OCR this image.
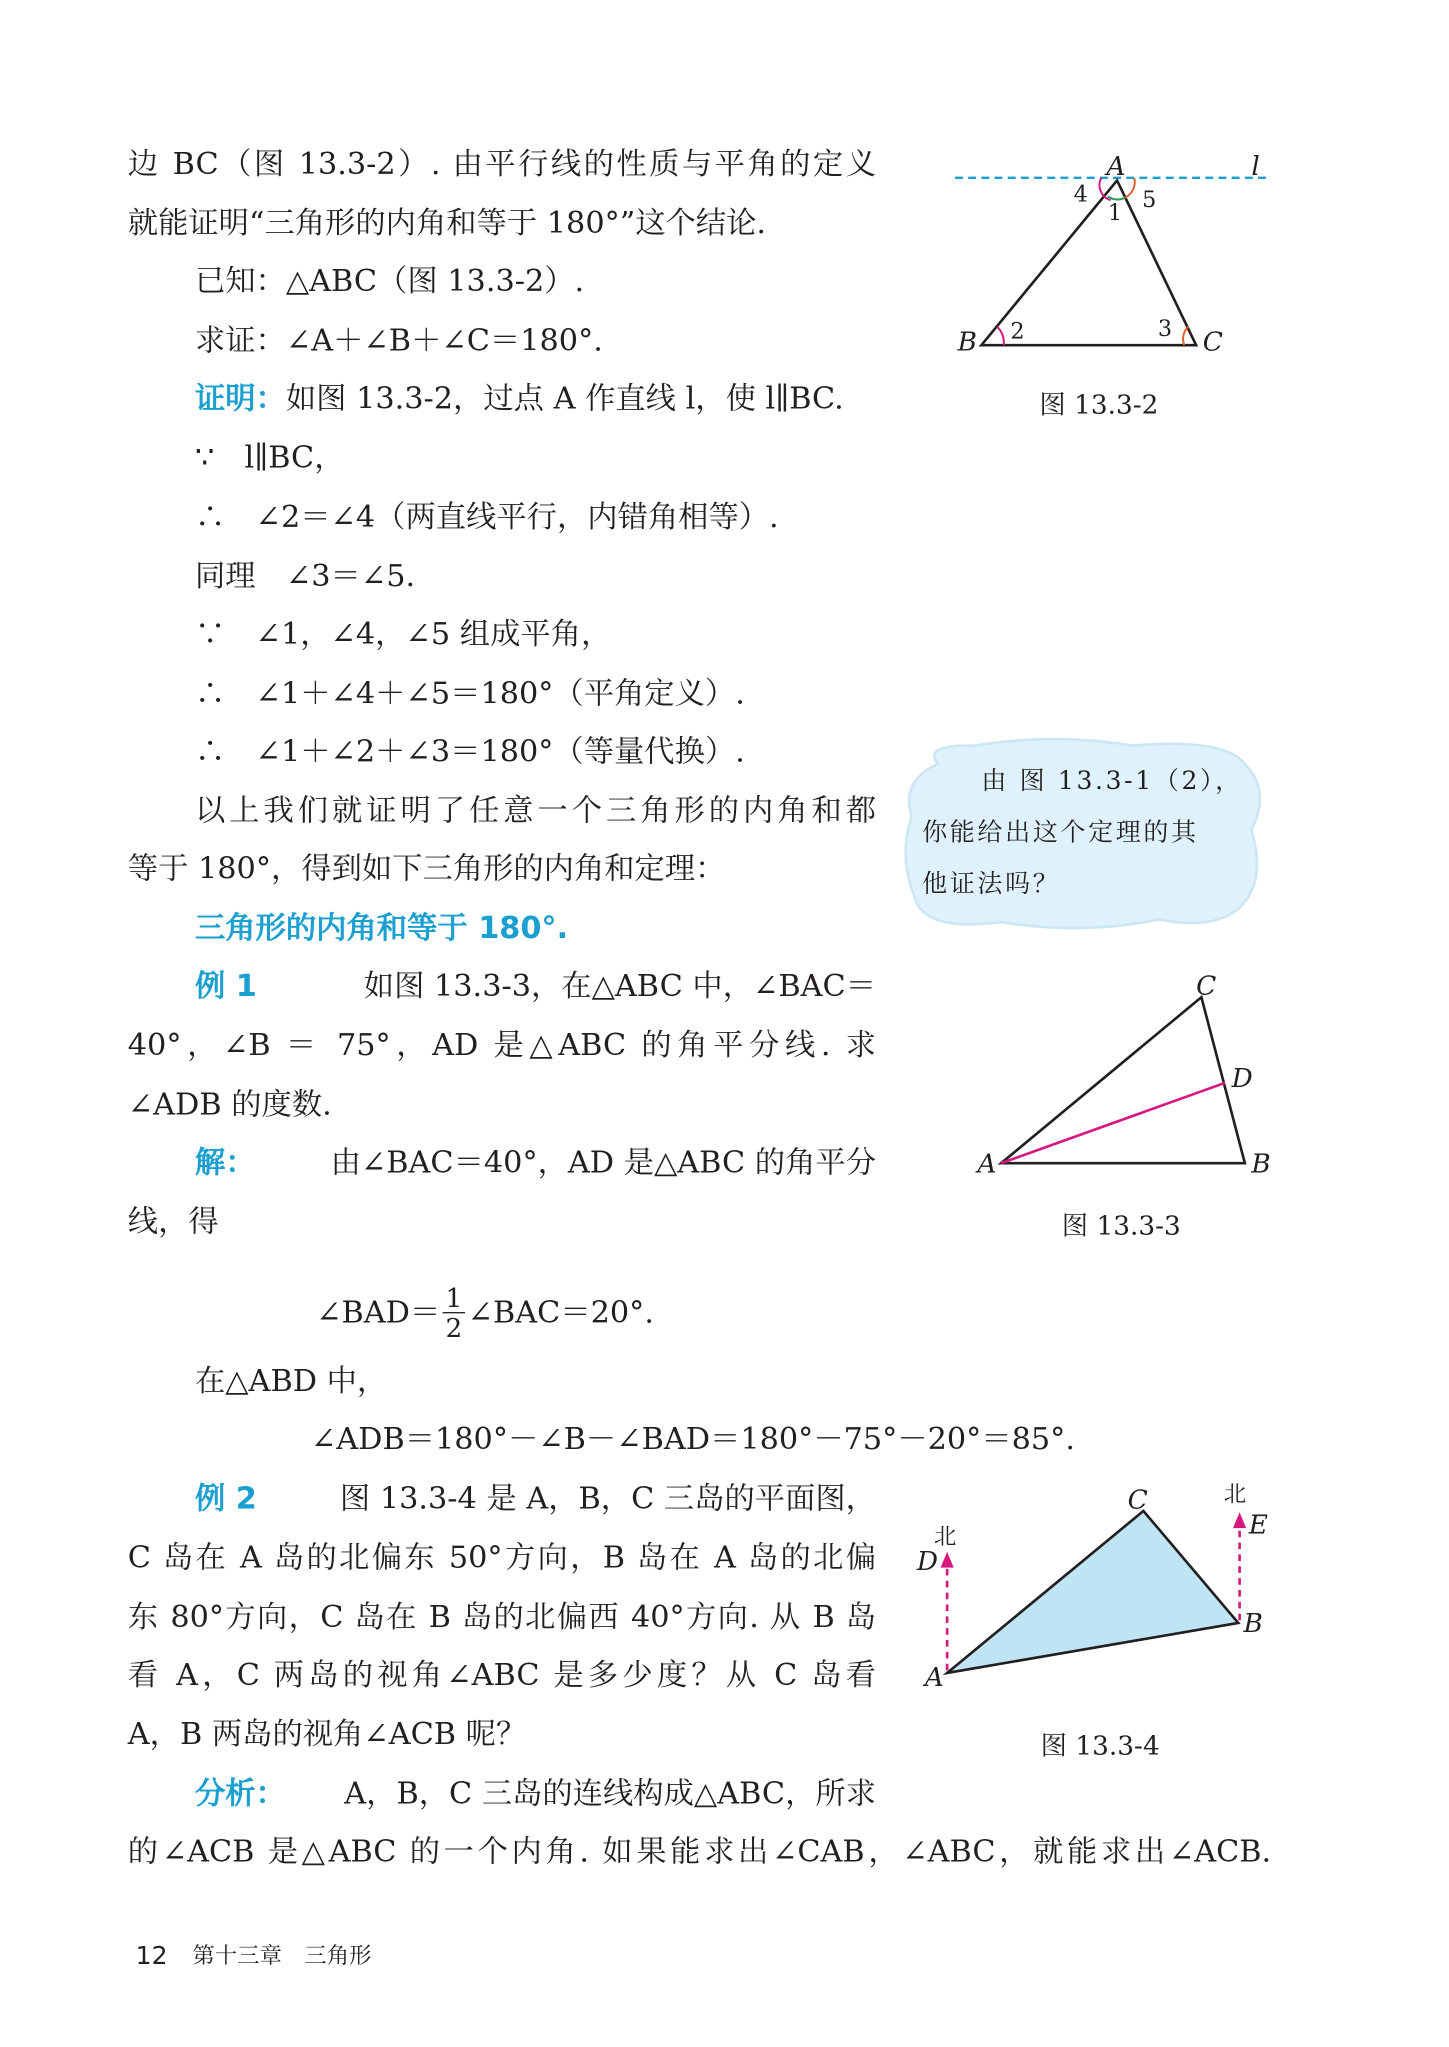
边 BC（图 13.3-2）. 由平行线的性质与平角的定义
就能证明“三角形的内角和等于 180°”这个结论.
已知：△ABC（图 13.3-2）.
求证：∠A＋∠B＋∠C＝180°.
证明：如图 13.3-2，过点 A 作直线 l，使 l∥BC.
∵　l∥BC，
∴　∠2＝∠4（两直线平行，内错角相等）.
同理　∠3＝∠5.
∵　∠1，∠4，∠5 组成平角，
∴　∠1＋∠4＋∠5＝180°（平角定义）.
∴　∠1＋∠2＋∠3＝180°（等量代换）.
以上我们就证明了任意一个三角形的内角和都
等于 180°，得到如下三角形的内角和定理：
三角形的内角和等于 180°.
例 1	如图 13.3-3，在△ABC 中，∠BAC＝
40°，∠B ＝ 75°，AD 是△ABC 的角平分线. 求
∠ADB 的度数.
解：	由∠BAC＝40°，AD 是△ABC 的角平分
线，得
∠BAD＝ $\frac{1}{2}$ ∠BAC＝20°.
在△ABD 中，
∠ADB＝180°－∠B－∠BAD＝180°－75°－20°＝85°.
例 2	图 13.3-4 是 A，B，C 三岛的平面图，
C 岛在 A 岛的北偏东 50°方向，B 岛在 A 岛的北偏
东 80°方向，C 岛在 B 岛的北偏西 40°方向. 从 B 岛
看 A，C 两岛的视角∠ABC 是多少度？从 C 岛看
A，B 两岛的视角∠ACB 呢？
分析：	A，B，C 三岛的连线构成△ABC，所求
的∠ACB 是△ABC 的一个内角. 如果能求出∠CAB，∠ABC，就能求出∠ACB.
A	l
4
1
5
B 2	3 C
图 13.3-2
由 图 13.3-1（2），
你能给出这个定理的其
他证法吗？
C
D
A	B
图 13.3-3
C	北
E
北
D
B
A
图 13.3-4
12 第十三章　三角形
